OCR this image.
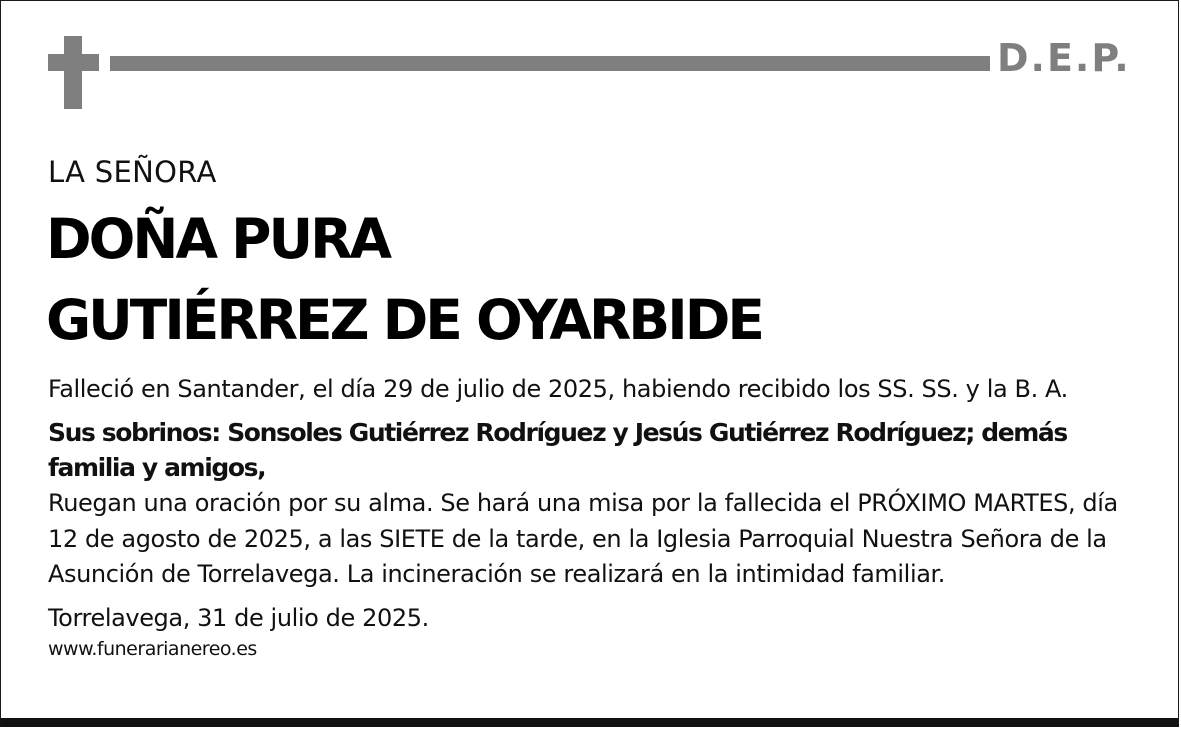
D.E.P.
LA SEÑORA
DOÑA PURA
GUTIÉRREZ DE OYARBIDE
Falleció en Santander, el día 29 de julio de 2025, habiendo recibido los SS. SS. y la B. A.
Sus sobrinos: Sonsoles Gutiérrez Rodríguez y Jesús Gutiérrez Rodríguez; demás familia y amigos,
Ruegan una oración por su alma. Se hará una misa por la fallecida el PRÓXIMO MARTES, día 12 de agosto de 2025, a las SIETE de la tarde, en la Iglesia Parroquial Nuestra Señora de la Asunción de Torrelavega. La incineración se realizará en la intimidad familiar.
Torrelavega, 31 de julio de 2025.
www.funerarianereo.es
